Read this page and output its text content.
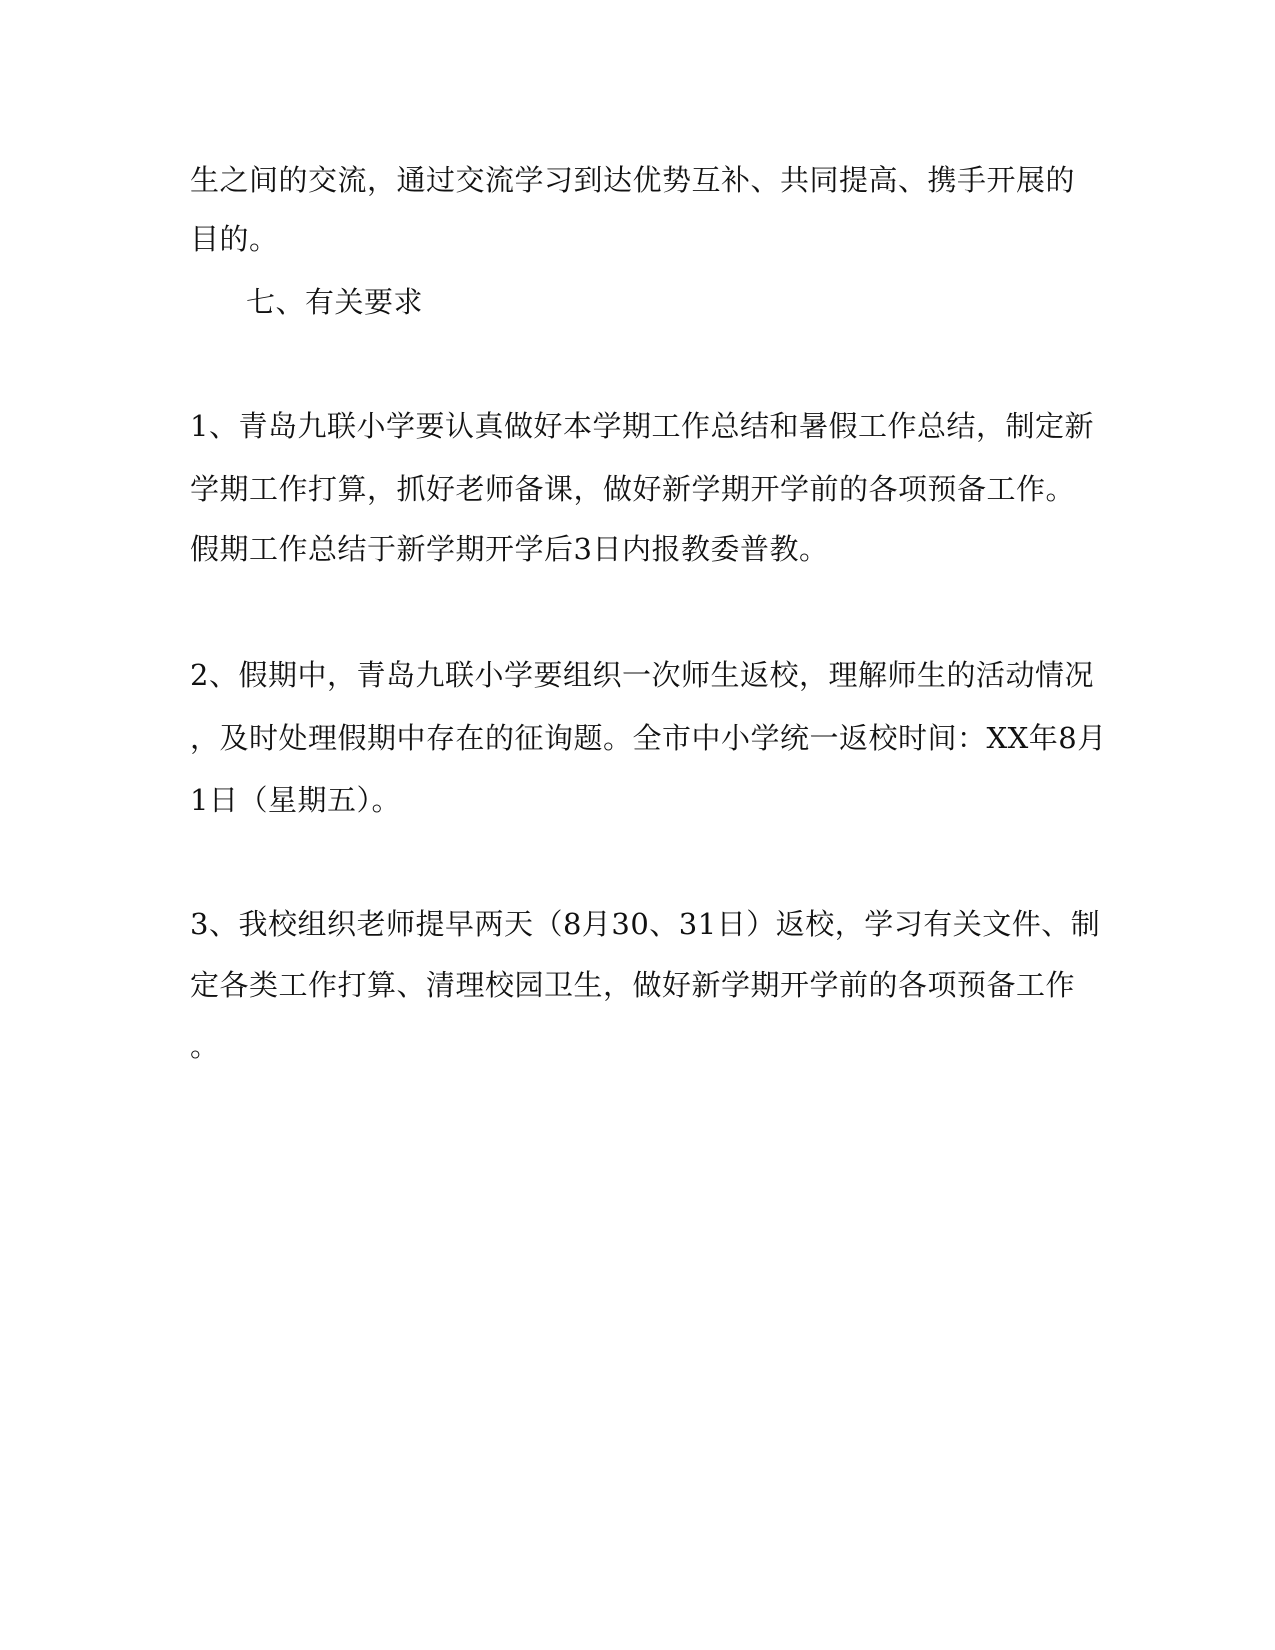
生之间的交流，通过交流学习到达优势互补、共同提高、携手开展的
目的。
七、有关要求
1、青岛九联小学要认真做好本学期工作总结和暑假工作总结，制定新
学期工作打算，抓好老师备课，做好新学期开学前的各项预备工作。
假期工作总结于新学期开学后3日内报教委普教。
2、假期中，青岛九联小学要组织一次师生返校，理解师生的活动情况
，及时处理假期中存在的征询题。全市中小学统一返校时间：XX年8月
1日（星期五）。
3、我校组织老师提早两天（8月30、31日）返校，学习有关文件、制
定各类工作打算、清理校园卫生，做好新学期开学前的各项预备工作
。
